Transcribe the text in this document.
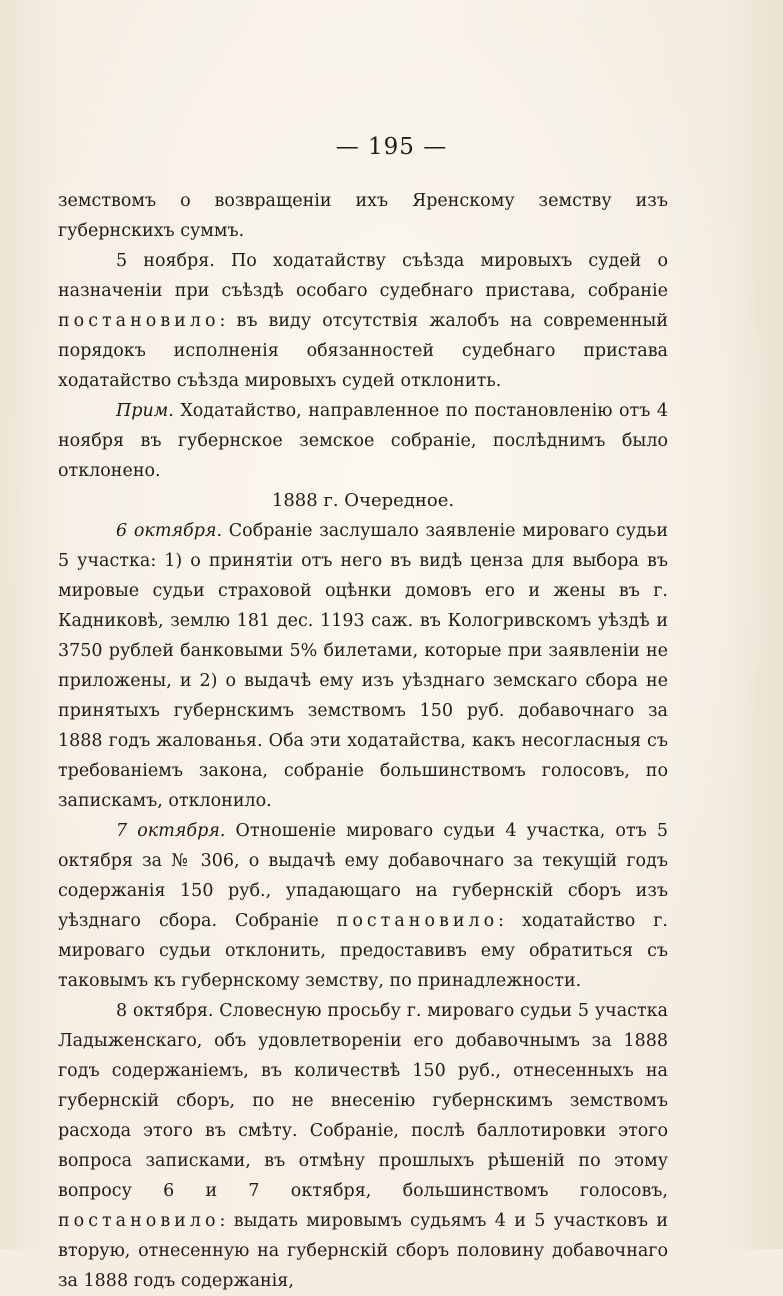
— 195 —

земствомъ о возвращеніи ихъ Яренскому земству изъ губернскихъ суммъ.

5 ноября. По ходатайству съѣзда мировыхъ судей о назначеніи при съѣздѣ особаго судебнаго пристава, собраніе постановило: въ виду отсутствія жалобъ на современный порядокъ исполненія обязанностей судебнаго пристава ходатайство съѣзда мировыхъ судей отклонить.

Прим. Ходатайство, направленное по постановленію отъ 4 ноября въ губернское земское собраніе, послѣднимъ было отклонено.

1888 г. Очередное.

6 октября. Собраніе заслушало заявленіе мироваго судьи 5 участка: 1) о принятіи отъ него въ видѣ ценза для выбора въ мировые судьи страховой оцѣнки домовъ его и жены въ г. Кадниковѣ, землю 181 дес. 1193 саж. въ Кологривскомъ уѣздѣ и 3750 рублей банковыми 5% билетами, которые при заявленіи не приложены, и 2) о выдачѣ ему изъ уѣзднаго земскаго сбора не принятыхъ губернскимъ земствомъ 150 руб. добавочнаго за 1888 годъ жалованья. Оба эти ходатайства, какъ несогласныя съ требованіемъ закона, собраніе большинствомъ голосовъ, по запискамъ, отклонило.

7 октября. Отношеніе мироваго судьи 4 участка, отъ 5 октября за № 306, о выдачѣ ему добавочнаго за текущій годъ содержанія 150 руб., упадающаго на губернскій сборъ изъ уѣзднаго сбора. Собраніе постановило: ходатайство г. мироваго судьи отклонить, предоставивъ ему обратиться съ таковымъ къ губернскому земству, по принадлежности.

8 октября. Словесную просьбу г. мироваго судьи 5 участка Ладыженскаго, объ удовлетвореніи его добавочнымъ за 1888 годъ содержаніемъ, въ количествѣ 150 руб., отнесенныхъ на губернскій сборъ, по не внесенію губернскимъ земствомъ расхода этого въ смѣту. Собраніе, послѣ баллотировки этого вопроса записками, въ отмѣну прошлыхъ рѣшеній по этому вопросу 6 и 7 октября, большинствомъ голосовъ, постановило: выдать мировымъ судьямъ 4 и 5 участковъ и вторую, отнесенную на губернскій сборъ половину добавочнаго за 1888 годъ содержанія,
